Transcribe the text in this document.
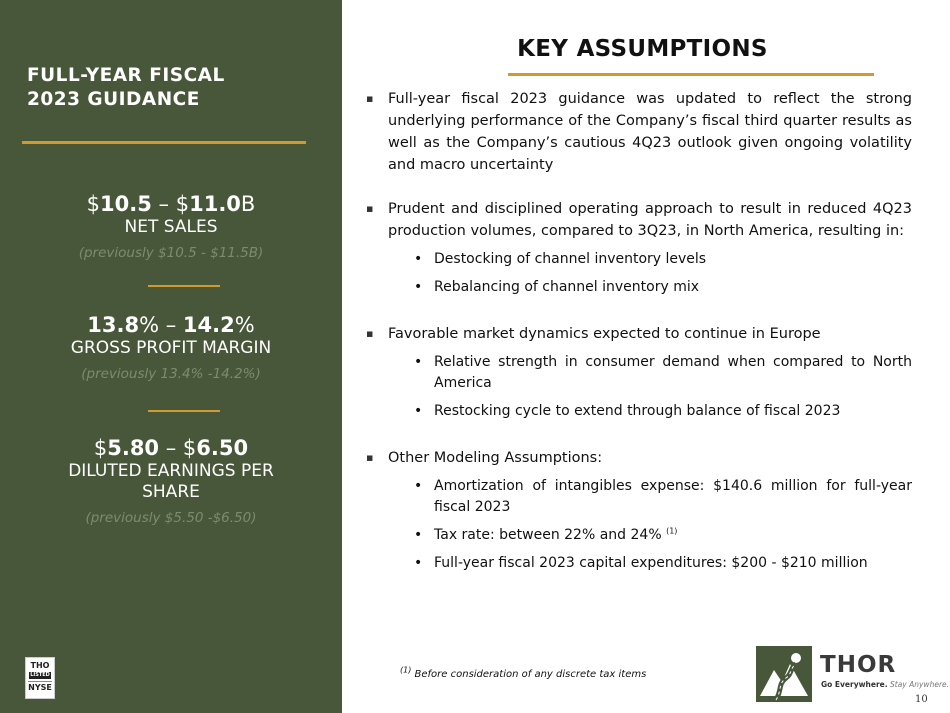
FULL-YEAR FISCAL
2023 GUIDANCE
$10.5 – $11.0B
NET SALES
(previously $10.5 - $11.5B)
13.8% – 14.2%
GROSS PROFIT MARGIN
(previously 13.4% -14.2%)
$5.80 – $6.50
DILUTED EARNINGS PER
SHARE
(previously $5.50 -$6.50)
THO
LISTED
NYSE
KEY ASSUMPTIONS
▪ Full-year fiscal 2023 guidance was updated to reflect the strong underlying performance of the Company’s fiscal third quarter results as well as the Company’s cautious 4Q23 outlook given ongoing volatility and macro uncertainty
▪ Prudent and disciplined operating approach to result in reduced 4Q23 production volumes, compared to 3Q23, in North America, resulting in:
• Destocking of channel inventory levels
• Rebalancing of channel inventory mix
▪ Favorable market dynamics expected to continue in Europe
• Relative strength in consumer demand when compared to North America
• Restocking cycle to extend through balance of fiscal 2023
▪ Other Modeling Assumptions:
• Amortization of intangibles expense: $140.6 million for full-year fiscal 2023
• Tax rate: between 22% and 24% $^{(1)}$
• Full-year fiscal 2023 capital expenditures: $200 - $210 million
$^{(1)}$ Before consideration of any discrete tax items	THOR
Go Everywhere. Stay Anywhere.
10
